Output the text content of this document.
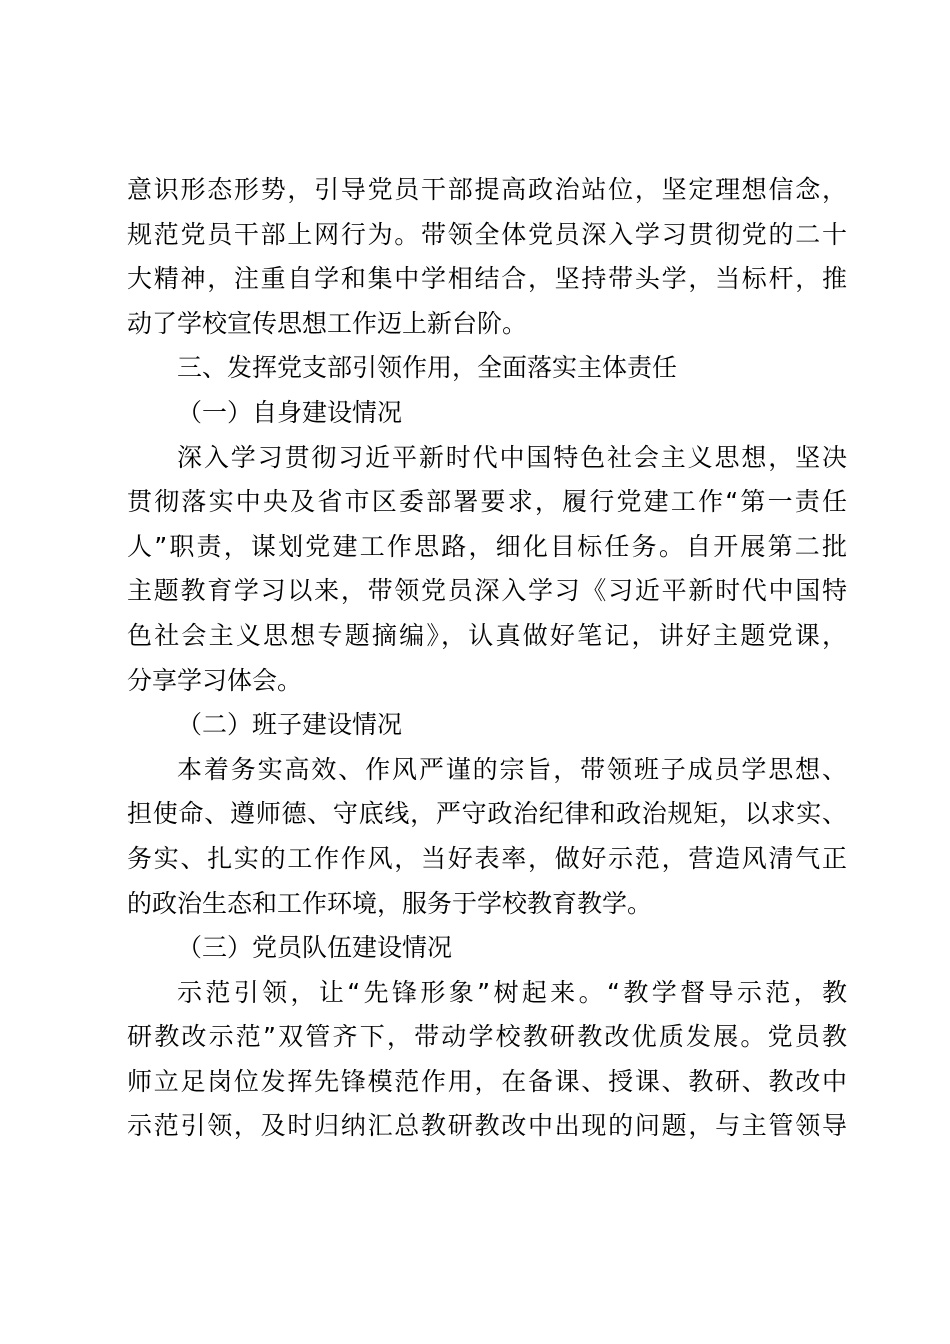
意识形态形势，引导党员干部提高政治站位，坚定理想信念，
规范党员干部上网行为。带领全体党员深入学习贯彻党的二十
大精神，注重自学和集中学相结合，坚持带头学，当标杆，推
动了学校宣传思想工作迈上新台阶。
三、发挥党支部引领作用，全面落实主体责任
（一）自身建设情况
深入学习贯彻习近平新时代中国特色社会主义思想，坚决
贯彻落实中央及省市区委部署要求，履行党建工作“第一责任
人”职责，谋划党建工作思路，细化目标任务。自开展第二批
主题教育学习以来，带领党员深入学习《习近平新时代中国特
色社会主义思想专题摘编》，认真做好笔记，讲好主题党课，
分享学习体会。
（二）班子建设情况
本着务实高效、作风严谨的宗旨，带领班子成员学思想、
担使命、遵师德、守底线，严守政治纪律和政治规矩，以求实、
务实、扎实的工作作风，当好表率，做好示范，营造风清气正
的政治生态和工作环境，服务于学校教育教学。
（三）党员队伍建设情况
示范引领，让“先锋形象”树起来。“教学督导示范，教
研教改示范”双管齐下，带动学校教研教改优质发展。党员教
师立足岗位发挥先锋模范作用，在备课、授课、教研、教改中
示范引领，及时归纳汇总教研教改中出现的问题，与主管领导
